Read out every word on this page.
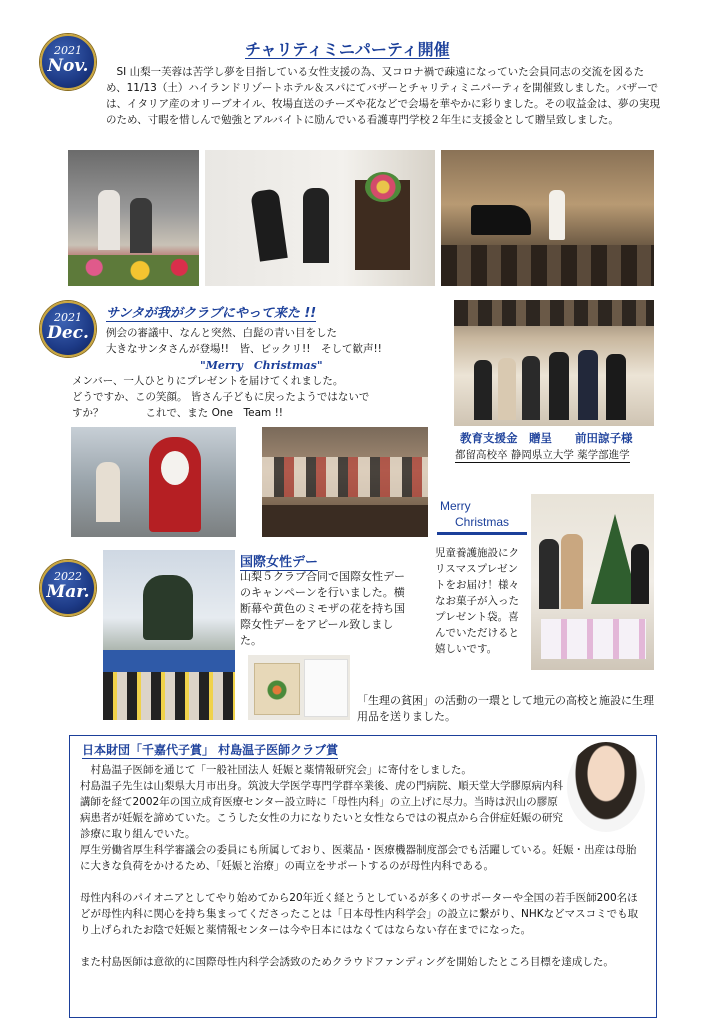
2021
Nov.
チャリティミニパーティ開催
SI 山梨一芙蓉は苦学し夢を目指している女性支援の為、又コロナ禍で疎遠になっていた会員同志の交流を図るため、11/13（土）ハイランドリゾートホテル＆スパにてバザーとチャリティミニパーティを開催致しました。バザーでは、イタリア産のオリーブオイル、牧場直送のチーズや花などで会場を華やかに彩りました。その収益金は、夢の実現のため、寸暇を惜しんで勉強とアルバイトに励んでいる看護専門学校２年生に支援金として贈呈致しました。
2021
Dec.
サンタが我がクラブにやって来た !!
例会の審議中、なんと突然、白髭の青い目をした
大きなサンタさんが登場!!　皆、ビックリ!!　そして歓声!!
"Merry　Christmas"
メンバー、一人ひとりにプレゼントを届けてくれました。
どうですか、この笑顔。 皆さん子どもに戻ったようではないで
すか？　　　　これで、また One　Team !!
教育支援金　贈呈　　前田諒子様
都留高校卒 静岡県立大学 薬学部進学
Merry
Christmas
児童養護施設にクリスマスプレゼントをお届け！様々なお菓子が入ったプレゼント袋。喜んでいただけると嬉しいです。
2022
Mar.
国際女性デー
山梨５クラブ合同で国際女性デーのキャンペーンを行いました。横断幕や黄色のミモザの花を持ち国際女性デーをアピール致しました。
「生理の貧困」の活動の一環として地元の高校と施設に生理用品を送りました。
日本財団「千嘉代子賞」 村島温子医師クラブ賞
村島温子医師を通じて「一般社団法人 妊娠と薬情報研究会」に寄付をしました。
村島温子先生は山梨県大月市出身。筑波大学医学専門学群卒業後、虎の門病院、順天堂大学膠原病内科講師を経て2002年の国立成育医療センター設立時に「母性内科」の立上げに尽力。当時は沢山の膠原病患者が妊娠を諦めていた。こうした女性の力になりたいと女性ならではの視点から合併症妊娠の研究診療に取り組んでいた。
厚生労働省厚生科学審議会の委員にも所属しており、医薬品・医療機器制度部会でも活躍している。妊娠・出産は母胎に大きな負荷をかけるため、「妊娠と治療」の両立をサポートするのが母性内科である。
母性内科のパイオニアとしてやり始めてから20年近く経とうとしているが多くのサポーターや全国の若手医師200名ほどが母性内科に関心を持ち集まってくださったことは「日本母性内科学会」の設立に繋がり、NHKなどマスコミでも取り上げられたお陰で妊娠と薬情報センターは今や日本にはなくてはならない存在までになった。
また村島医師は意欲的に国際母性内科学会誘致のためクラウドファンディングを開始したところ目標を達成した。
